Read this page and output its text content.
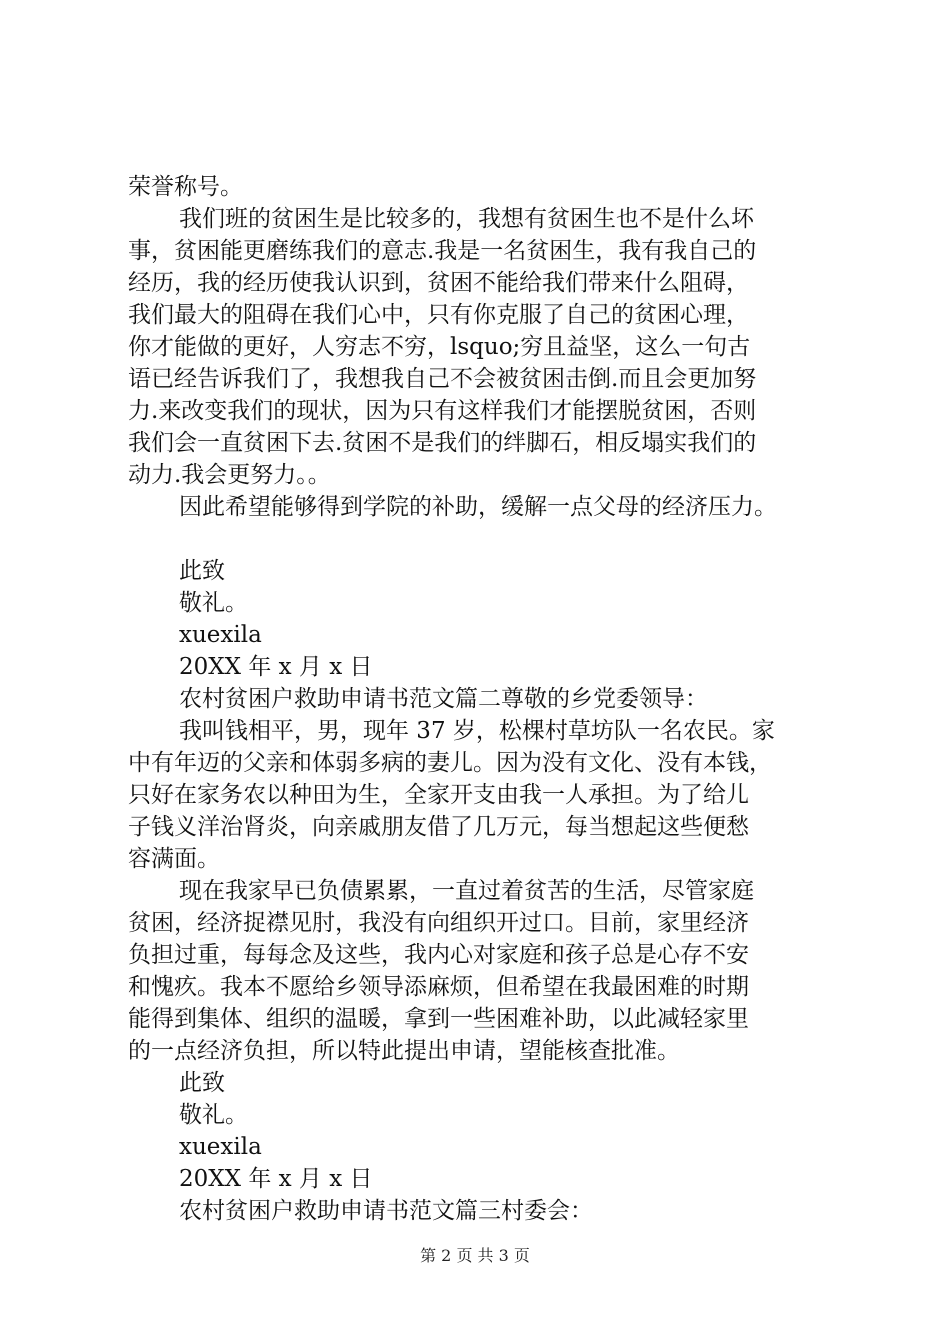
荣誉称号。
我们班的贫困生是比较多的，我想有贫困生也不是什么坏
事，贫困能更磨练我们的意志.我是一名贫困生，我有我自己的
经历，我的经历使我认识到，贫困不能给我们带来什么阻碍，
我们最大的阻碍在我们心中，只有你克服了自己的贫困心理，
你才能做的更好，人穷志不穷，lsquo;穷且益坚，这么一句古
语已经告诉我们了，我想我自己不会被贫困击倒.而且会更加努
力.来改变我们的现状，因为只有这样我们才能摆脱贫困，否则
我们会一直贫困下去.贫困不是我们的绊脚石，相反塌实我们的
动力.我会更努力。。
因此希望能够得到学院的补助，缓解一点父母的经济压力。
此致
敬礼。
xuexila
20XX 年 x 月 x 日
农村贫困户救助申请书范文篇二尊敬的乡党委领导：
我叫钱相平，男，现年 37 岁，松棵村草坊队一名农民。家
中有年迈的父亲和体弱多病的妻儿。因为没有文化、没有本钱，
只好在家务农以种田为生，全家开支由我一人承担。为了给儿
子钱义洋治肾炎，向亲戚朋友借了几万元，每当想起这些便愁
容满面。
现在我家早已负债累累，一直过着贫苦的生活，尽管家庭
贫困，经济捉襟见肘，我没有向组织开过口。目前，家里经济
负担过重，每每念及这些，我内心对家庭和孩子总是心存不安
和愧疚。我本不愿给乡领导添麻烦，但希望在我最困难的时期
能得到集体、组织的温暖，拿到一些困难补助，以此减轻家里
的一点经济负担，所以特此提出申请，望能核查批准。
此致
敬礼。
xuexila
20XX 年 x 月 x 日
农村贫困户救助申请书范文篇三村委会：
第 2 页 共 3 页
